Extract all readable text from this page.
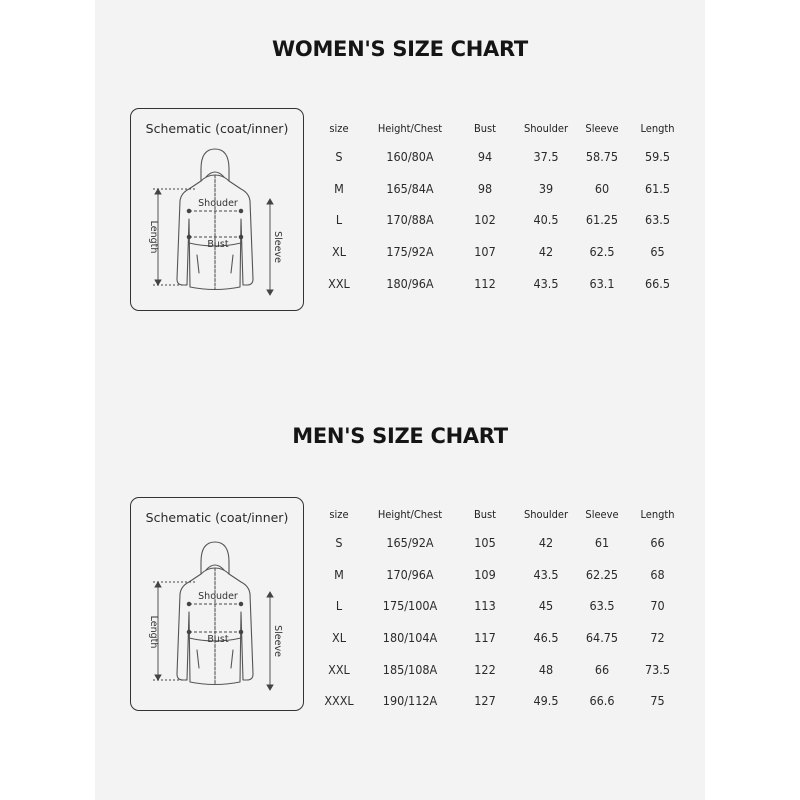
WOMEN'S SIZE CHART
Schematic (coat/inner)
Shouder
Bust
Length	Sleeve
size	Height/Chest	Bust	Shoulder	Sleeve	Length
S	160/80A	94	37.5	58.75	59.5
M	165/84A	98	39	60	61.5
L	170/88A	102	40.5	61.25	63.5
XL	175/92A	107	42	62.5	65
XXL	180/96A	112	43.5	63.1	66.5
MEN'S SIZE CHART
Schematic (coat/inner)
Shouder
Bust
Length	Sleeve
size	Height/Chest	Bust	Shoulder	Sleeve	Length
S	165/92A	105	42	61	66
M	170/96A	109	43.5	62.25	68
L	175/100A	113	45	63.5	70
XL	180/104A	117	46.5	64.75	72
XXL	185/108A	122	48	66	73.5
XXXL	190/112A	127	49.5	66.6	75
